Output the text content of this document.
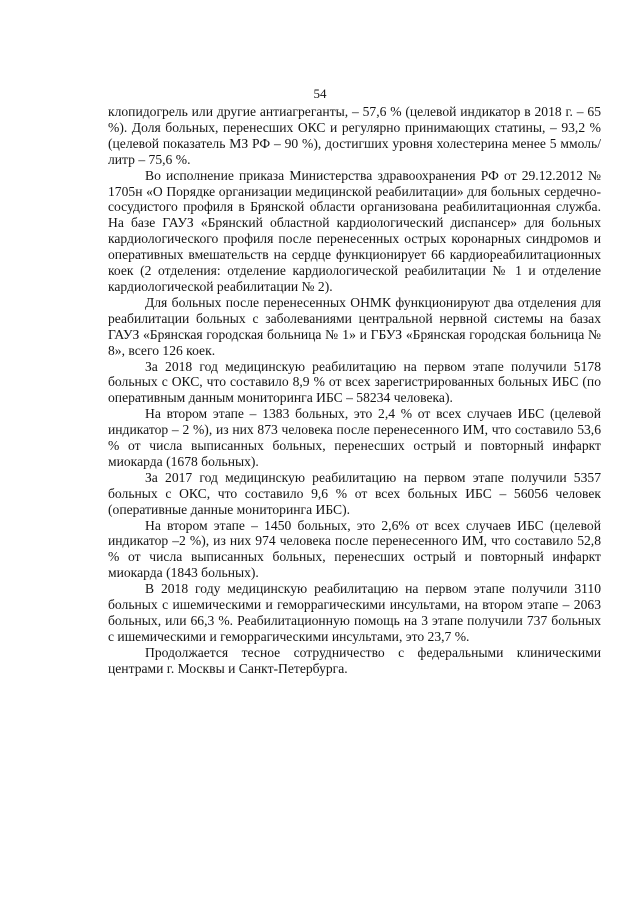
54

клопидогрель или другие антиагреганты, – 57,6 % (целевой индикатор в 2018 г. – 65 %). Доля больных, перенесших ОКС и регулярно принимающих статины, – 93,2 % (целевой показатель МЗ РФ – 90 %), достигших уровня холестерина менее 5 ммоль/литр – 75,6 %.

Во исполнение приказа Министерства здравоохранения РФ от 29.12.2012 № 1705н «О Порядке организации медицинской реабилитации» для больных сердечно-сосудистого профиля в Брянской области организована реабилитационная служба. На базе ГАУЗ «Брянский областной кардиологический диспансер» для больных кардиологического профиля после перенесенных острых коронарных синдромов и оперативных вмешательств на сердце функционирует 66 кардиореабилитационных коек (2 отделения: отделение кардиологической реабилитации № 1 и отделение кардиологической реабилитации № 2).

Для больных после перенесенных ОНМК функционируют два отделения для реабилитации больных с заболеваниями центральной нервной системы на базах ГАУЗ «Брянская городская больница № 1» и ГБУЗ «Брянская городская больница № 8», всего 126 коек.

За 2018 год медицинскую реабилитацию на первом этапе получили 5178 больных с ОКС, что составило 8,9 % от всех зарегистрированных больных ИБС (по оперативным данным мониторинга ИБС – 58234 человека).

На втором этапе – 1383 больных, это 2,4 % от всех случаев ИБС (целевой индикатор – 2 %), из них 873 человека после перенесенного ИМ, что составило 53,6 % от числа выписанных больных, перенесших острый и повторный инфаркт миокарда (1678 больных).

За 2017 год медицинскую реабилитацию на первом этапе получили 5357 больных с ОКС, что составило 9,6 % от всех больных ИБС – 56056 человек (оперативные данные мониторинга ИБС).

На втором этапе – 1450 больных, это 2,6% от всех случаев ИБС (целевой индикатор –2 %), из них 974 человека после перенесенного ИМ, что составило 52,8 % от числа выписанных больных, перенесших острый и повторный инфаркт миокарда (1843 больных).

В 2018 году медицинскую реабилитацию на первом этапе получили 3110 больных с ишемическими и геморрагическими инсультами, на втором этапе – 2063 больных, или 66,3 %. Реабилитационную помощь на 3 этапе получили 737 больных с ишемическими и геморрагическими инсультами, это 23,7 %.

Продолжается тесное сотрудничество с федеральными клиническими центрами г. Москвы и Санкт-Петербурга.
